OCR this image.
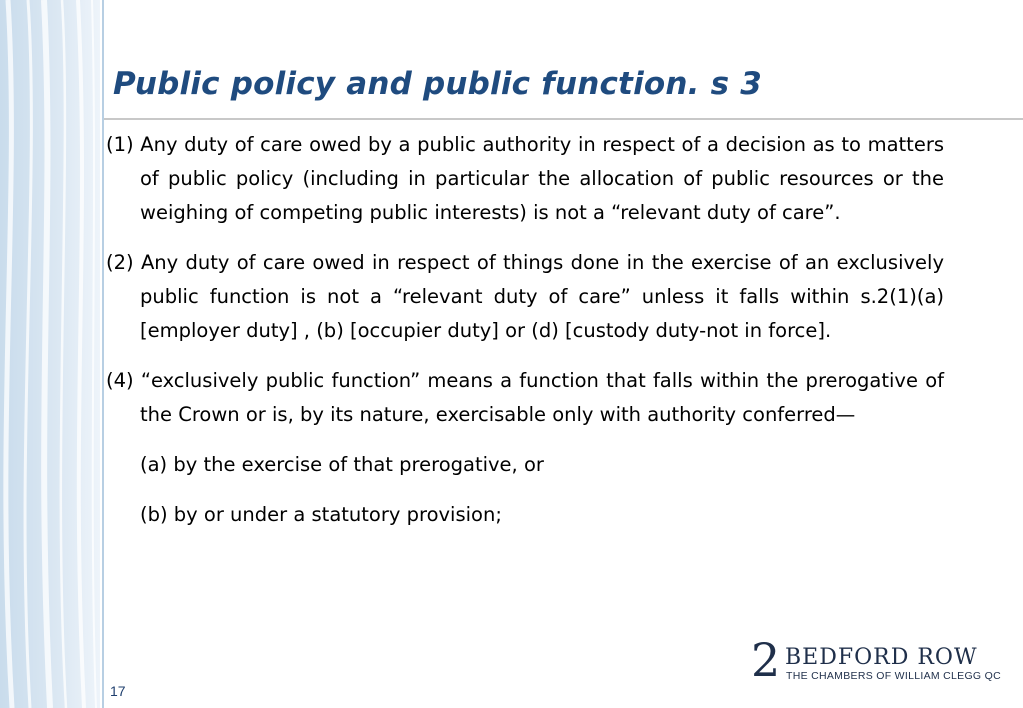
Public policy and public function. s 3

(1) Any duty of care owed by a public authority in respect of a decision as to matters of public policy (including in particular the allocation of public resources or the weighing of competing public interests) is not a “relevant duty of care”.

(2) Any duty of care owed in respect of things done in the exercise of an exclusively public function is not a “relevant duty of care” unless it falls within s.2(1)(a) [employer duty] , (b) [occupier duty] or (d) [custody duty-not in force].

(4) “exclusively public function” means a function that falls within the prerogative of the Crown or is, by its nature, exercisable only with authority conferred—

(a) by the exercise of that prerogative, or

(b) by or under a statutory provision;

17
2 BEDFORD ROW
THE CHAMBERS OF WILLIAM CLEGG QC
